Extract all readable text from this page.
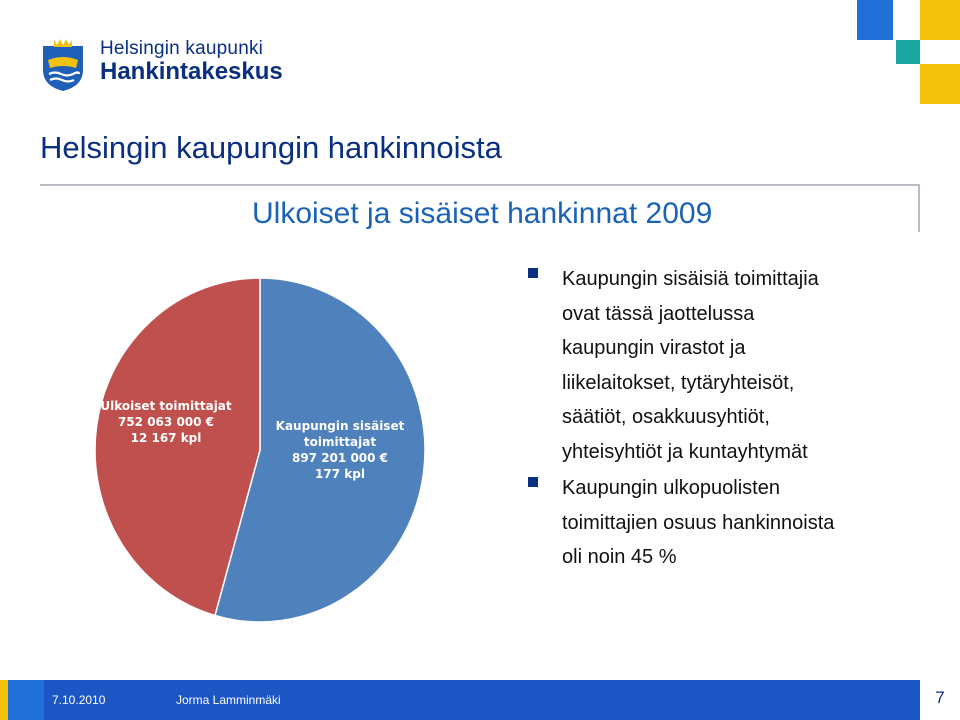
Helsingin kaupunki
Hankintakeskus
Helsingin kaupungin hankinnoista
Ulkoiset ja sisäiset hankinnat 2009
Kaupungin sisäiset
toimittajat
897 201 000 €
177 kpl
Ulkoiset toimittajat
752 063 000 €
12 167 kpl
Kaupungin sisäisiä toimittajia
ovat tässä jaottelussa
kaupungin virastot ja
liikelaitokset, tytäryhteisöt,
säätiöt, osakkuusyhtiöt,
yhteisyhtiöt ja kuntayhtymät
Kaupungin ulkopuolisten
toimittajien osuus hankinnoista
oli noin 45 %
7.10.2010	Jorma Lamminmäki	7
